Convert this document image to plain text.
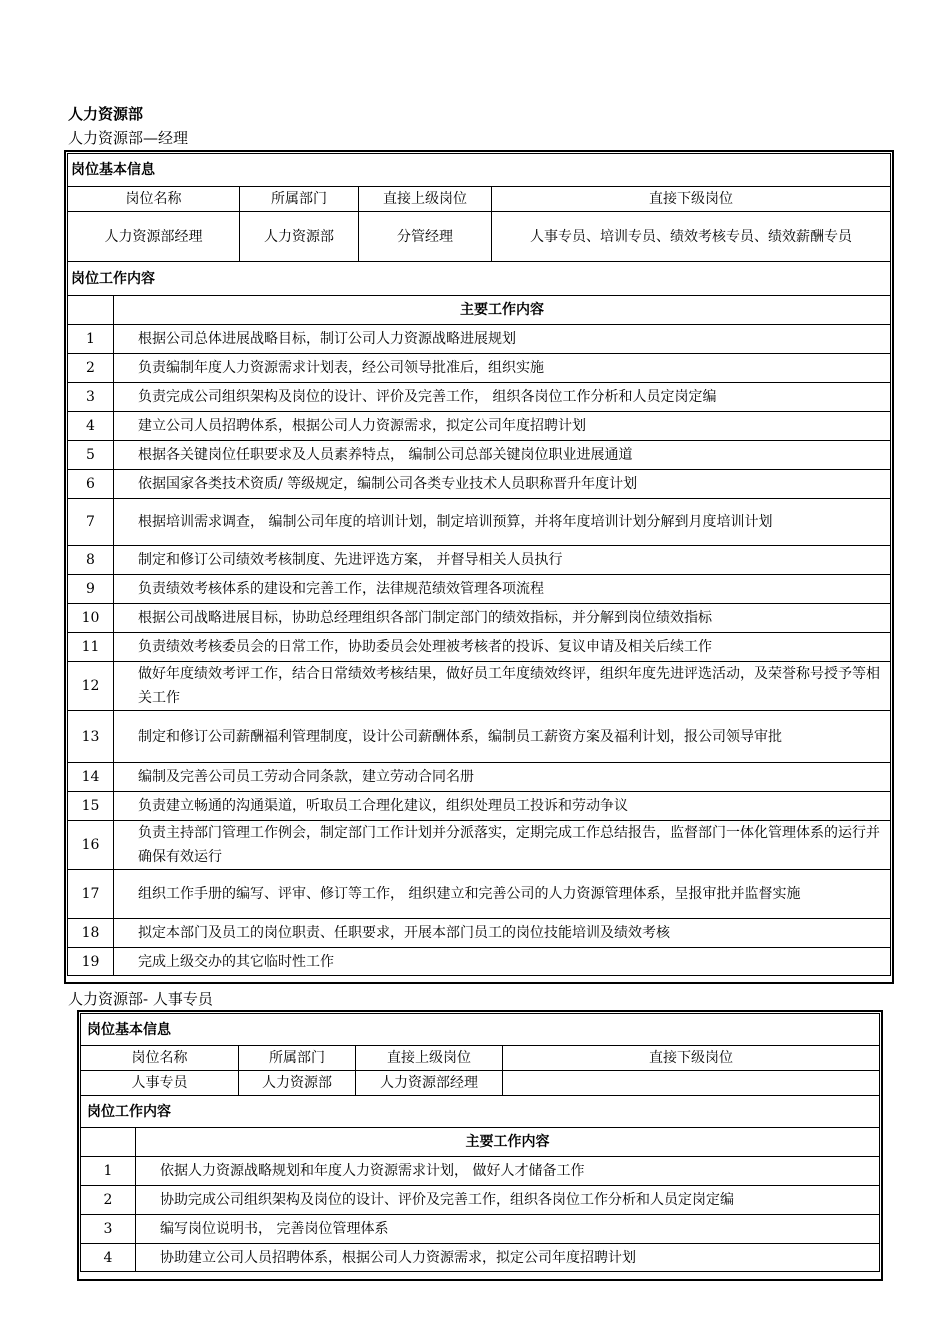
人力资源部
人力资源部—经理
岗位基本信息				
岗位名称		所属部门	直接上级岗位	直接下级岗位
人力资源部经理		人力资源部	分管经理	人事专员、培训专员、绩效考核专员、绩效薪酬专员
岗位工作内容				
	主要工作内容			
1	根据公司总体进展战略目标，制订公司人力资源战略进展规划			
2	负责编制年度人力资源需求计划表，经公司领导批准后，组织实施			
3	负责完成公司组织架构及岗位的设计、评价及完善工作， 组织各岗位工作分析和人员定岗定编			
4	建立公司人员招聘体系，根据公司人力资源需求，拟定公司年度招聘计划			
5	根据各关键岗位任职要求及人员素养特点， 编制公司总部关键岗位职业进展通道			
6	依据国家各类技术资质/ 等级规定，编制公司各类专业技术人员职称晋升年度计划			
7	根据培训需求调查， 编制公司年度的培训计划，制定培训预算，并将年度培训计划分解到月度培训计划			
8	制定和修订公司绩效考核制度、先进评选方案， 并督导相关人员执行			
9	负责绩效考核体系的建设和完善工作，法律规范绩效管理各项流程			
10	根据公司战略进展目标，协助总经理组织各部门制定部门的绩效指标，并分解到岗位绩效指标			
11	负责绩效考核委员会的日常工作，协助委员会处理被考核者的投诉、复议申请及相关后续工作			
12	做好年度绩效考评工作，结合日常绩效考核结果，做好员工年度绩效终评，组织年度先进评选活动，及荣誉称号授予等相关工作			
13	制定和修订公司薪酬福利管理制度，设计公司薪酬体系，编制员工薪资方案及福利计划，报公司领导审批			
14	编制及完善公司员工劳动合同条款，建立劳动合同名册			
15	负责建立畅通的沟通渠道，听取员工合理化建议，组织处理员工投诉和劳动争议			
16	负责主持部门管理工作例会，制定部门工作计划并分派落实，定期完成工作总结报告，监督部门一体化管理体系的运行并确保有效运行			
17	组织工作手册的编写、评审、修订等工作， 组织建立和完善公司的人力资源管理体系，呈报审批并监督实施			
18	拟定本部门及员工的岗位职责、任职要求，开展本部门员工的岗位技能培训及绩效考核			
19	完成上级交办的其它临时性工作			
人力资源部- 人事专员
岗位基本信息				
岗位名称		所属部门	直接上级岗位	直接下级岗位
人事专员		人力资源部	人力资源部经理	
岗位工作内容				
	主要工作内容			
1	依据人力资源战略规划和年度人力资源需求计划， 做好人才储备工作			
2	协助完成公司组织架构及岗位的设计、评价及完善工作，组织各岗位工作分析和人员定岗定编			
3	编写岗位说明书， 完善岗位管理体系			
4	协助建立公司人员招聘体系，根据公司人力资源需求，拟定公司年度招聘计划			
